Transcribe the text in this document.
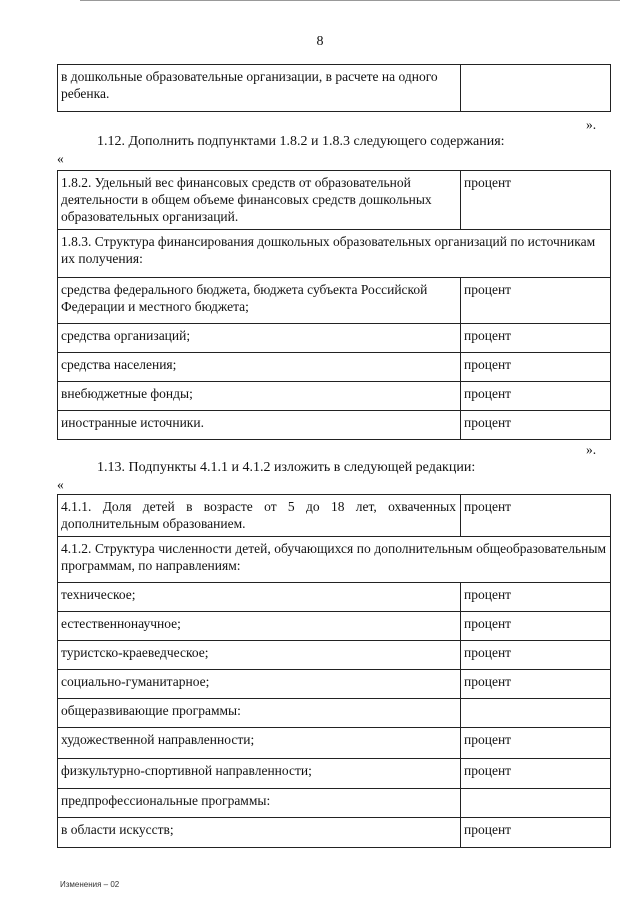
8
в дошкольные образовательные организации, в расчете на одного ребенка.	
».
1.12. Дополнить подпунктами 1.8.2 и 1.8.3 следующего содержания:
«
1.8.2. Удельный вес финансовых средств от образовательной деятельности в общем объеме финансовых средств дошкольных образовательных организаций.	процент
1.8.3. Структура финансирования дошкольных образовательных организаций по источникам их получения:	
средства федерального бюджета, бюджета субъекта Российской Федерации и местного бюджета;	процент
средства организаций;	процент
средства населения;	процент
внебюджетные фонды;	процент
иностранные источники.	процент
».
1.13. Подпункты 4.1.1 и 4.1.2 изложить в следующей редакции:
«
4.1.1. Доля детей в возрасте от 5 до 18 лет, охваченных дополнительным образованием.	процент
4.1.2. Структура численности детей, обучающихся по дополнительным общеобразовательным программам, по направлениям:	
техническое;	процент
естественнонаучное;	процент
туристско-краеведческое;	процент
социально-гуманитарное;	процент
общеразвивающие программы:	
художественной направленности;	процент
физкультурно-спортивной направленности;	процент
предпрофессиональные программы:	
в области искусств;	процент
Изменения – 02
